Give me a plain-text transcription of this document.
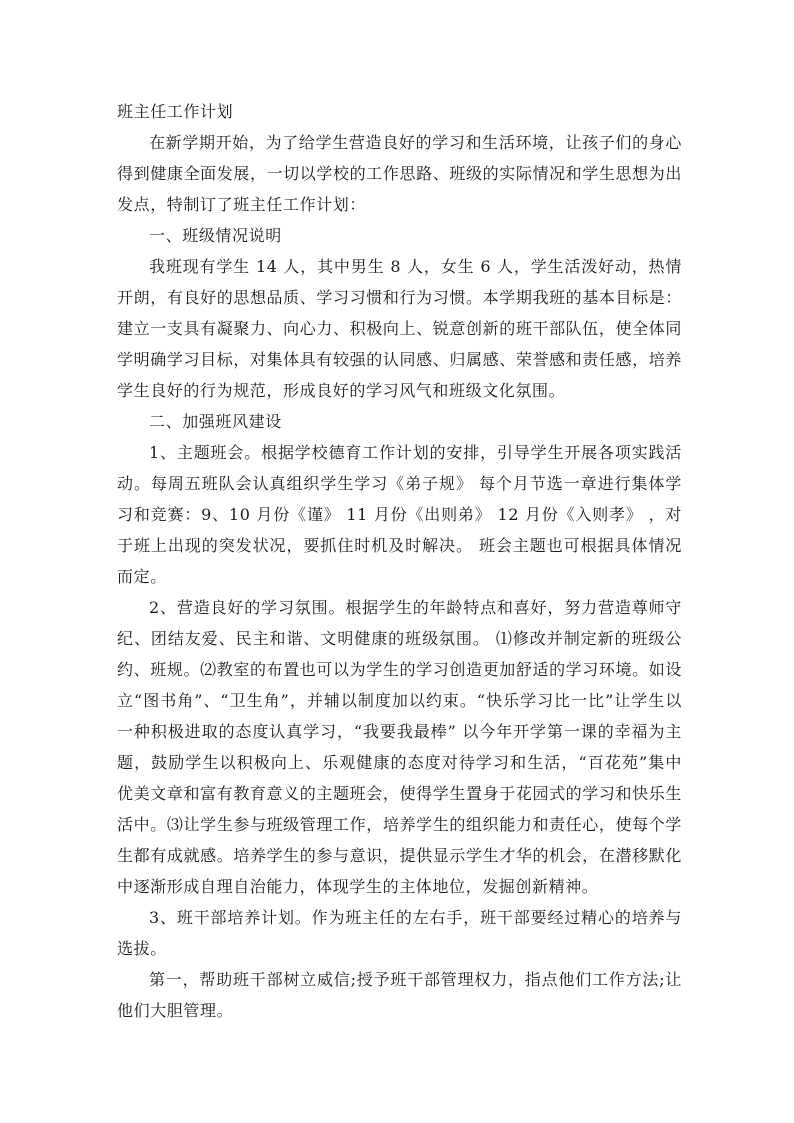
班主任工作计划

在新学期开始，为了给学生营造良好的学习和生活环境，让孩子们的身心得到健康全面发展，一切以学校的工作思路、班级的实际情况和学生思想为出发点，特制订了班主任工作计划：

一、班级情况说明

我班现有学生 14 人，其中男生 8 人，女生 6 人，学生活泼好动，热情开朗，有良好的思想品质、学习习惯和行为习惯。本学期我班的基本目标是：建立一支具有凝聚力、向心力、积极向上、锐意创新的班干部队伍，使全体同学明确学习目标，对集体具有较强的认同感、归属感、荣誉感和责任感，培养学生良好的行为规范，形成良好的学习风气和班级文化氛围。

二、加强班风建设

1、主题班会。根据学校德育工作计划的安排，引导学生开展各项实践活动。每周五班队会认真组织学生学习《弟子规》 每个月节选一章进行集体学习和竞赛：9、10 月份《谨》 11 月份《出则弟》 12 月份《入则孝》 ，对于班上出现的突发状况，要抓住时机及时解决。 班会主题也可根据具体情况而定。

2、营造良好的学习氛围。根据学生的年龄特点和喜好，努力营造尊师守纪、团结友爱、民主和谐、文明健康的班级氛围。 ⑴修改并制定新的班级公约、班规。⑵教室的布置也可以为学生的学习创造更加舒适的学习环境。如设立“图书角”、“卫生角”，并辅以制度加以约束。“快乐学习比一比”让学生以一种积极进取的态度认真学习，“我要我最棒” 以今年开学第一课的幸福为主题，鼓励学生以积极向上、乐观健康的态度对待学习和生活，“百花苑”集中优美文章和富有教育意义的主题班会，使得学生置身于花园式的学习和快乐生活中。⑶让学生参与班级管理工作，培养学生的组织能力和责任心，使每个学生都有成就感。培养学生的参与意识，提供显示学生才华的机会，在潜移默化中逐渐形成自理自治能力，体现学生的主体地位，发掘创新精神。

3、班干部培养计划。作为班主任的左右手，班干部要经过精心的培养与选拔。

第一，帮助班干部树立威信;授予班干部管理权力，指点他们工作方法;让他们大胆管理。
